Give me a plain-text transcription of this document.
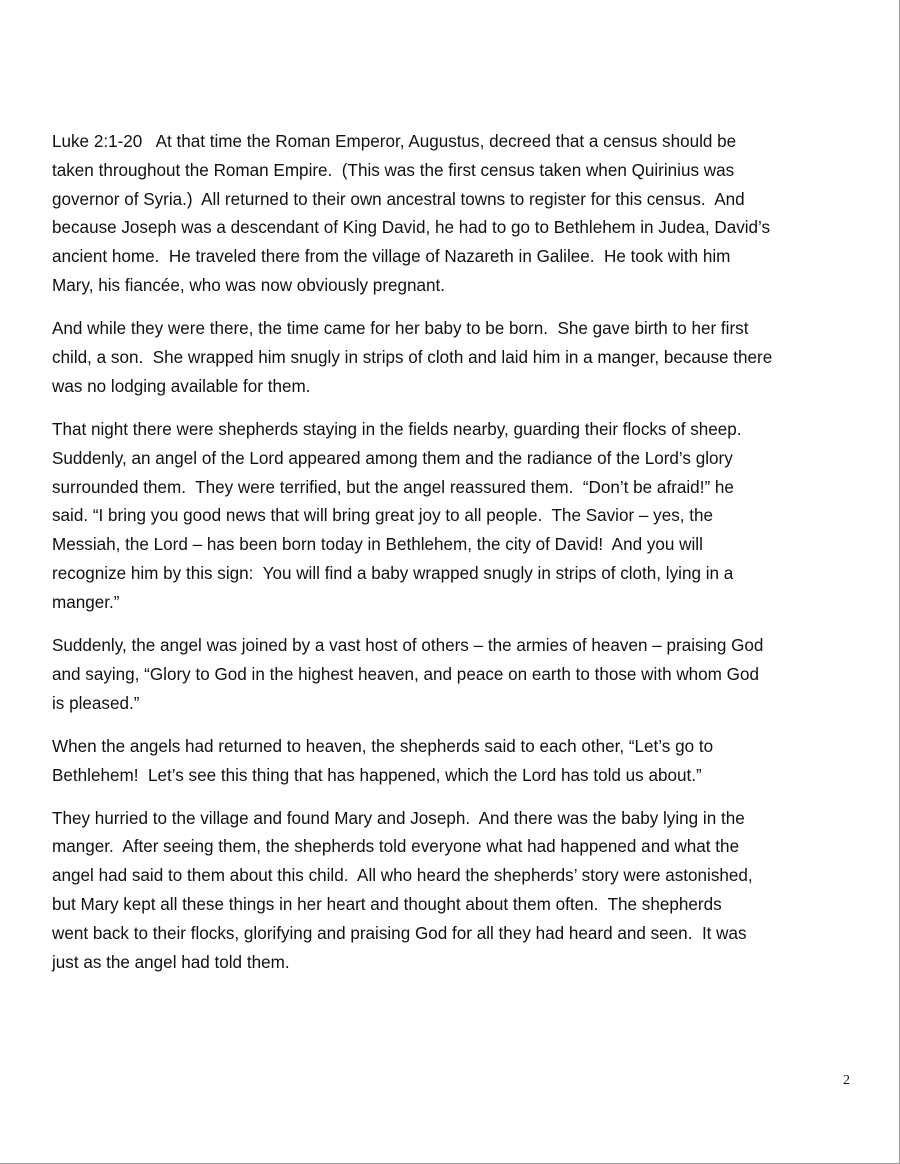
Luke 2:1-20   At that time the Roman Emperor, Augustus, decreed that a census should be
taken throughout the Roman Empire.  (This was the first census taken when Quirinius was
governor of Syria.)  All returned to their own ancestral towns to register for this census.  And
because Joseph was a descendant of King David, he had to go to Bethlehem in Judea, David’s
ancient home.  He traveled there from the village of Nazareth in Galilee.  He took with him
Mary, his fiancée, who was now obviously pregnant.

And while they were there, the time came for her baby to be born.  She gave birth to her first
child, a son.  She wrapped him snugly in strips of cloth and laid him in a manger, because there
was no lodging available for them.

That night there were shepherds staying in the fields nearby, guarding their flocks of sheep.
Suddenly, an angel of the Lord appeared among them and the radiance of the Lord’s glory
surrounded them.  They were terrified, but the angel reassured them.  “Don’t be afraid!” he
said. “I bring you good news that will bring great joy to all people.  The Savior – yes, the
Messiah, the Lord – has been born today in Bethlehem, the city of David!  And you will
recognize him by this sign:  You will find a baby wrapped snugly in strips of cloth, lying in a
manger.”

Suddenly, the angel was joined by a vast host of others – the armies of heaven – praising God
and saying, “Glory to God in the highest heaven, and peace on earth to those with whom God
is pleased.”

When the angels had returned to heaven, the shepherds said to each other, “Let’s go to
Bethlehem!  Let’s see this thing that has happened, which the Lord has told us about.”

They hurried to the village and found Mary and Joseph.  And there was the baby lying in the
manger.  After seeing them, the shepherds told everyone what had happened and what the
angel had said to them about this child.  All who heard the shepherds’ story were astonished,
but Mary kept all these things in her heart and thought about them often.  The shepherds
went back to their flocks, glorifying and praising God for all they had heard and seen.  It was
just as the angel had told them.

2
